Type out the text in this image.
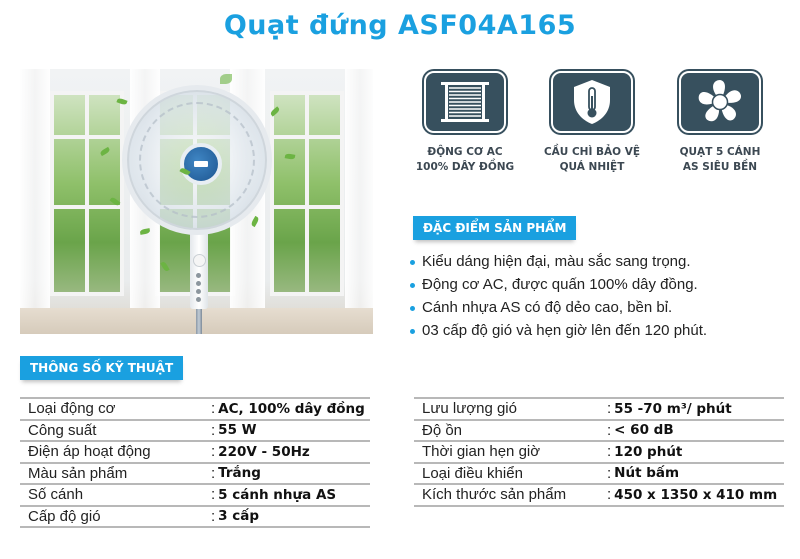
Quạt đứng ASF04A165
ĐỘNG CƠ AC
100% DÂY ĐỒNG
CẦU CHÌ BẢO VỆ
QUÁ NHIỆT
QUẠT 5 CÁNH
AS SIÊU BỀN
ĐẶC ĐIỂM SẢN PHẨM
Kiểu dáng hiện đại, màu sắc sang trọng.
Động cơ AC, được quấn 100% dây đồng.
Cánh nhựa AS có độ dẻo cao, bền bỉ.
03 cấp độ gió và hẹn giờ lên đến 120 phút.
THÔNG SỐ KỸ THUẬT
Loại động cơ	: AC, 100% dây đồng
Công suất	: 55 W
Điện áp hoạt động	: 220V - 50Hz
Màu sản phẩm	: Trắng
Số cánh	: 5 cánh nhựa AS
Cấp độ gió	: 3 cấp
Lưu lượng gió	: 55 -70 m³/ phút
Độ ồn	: < 60 dB
Thời gian hẹn giờ	: 120 phút
Loại điều khiển	: Nút bấm
Kích thước sản phẩm	: 450 x 1350 x 410 mm
